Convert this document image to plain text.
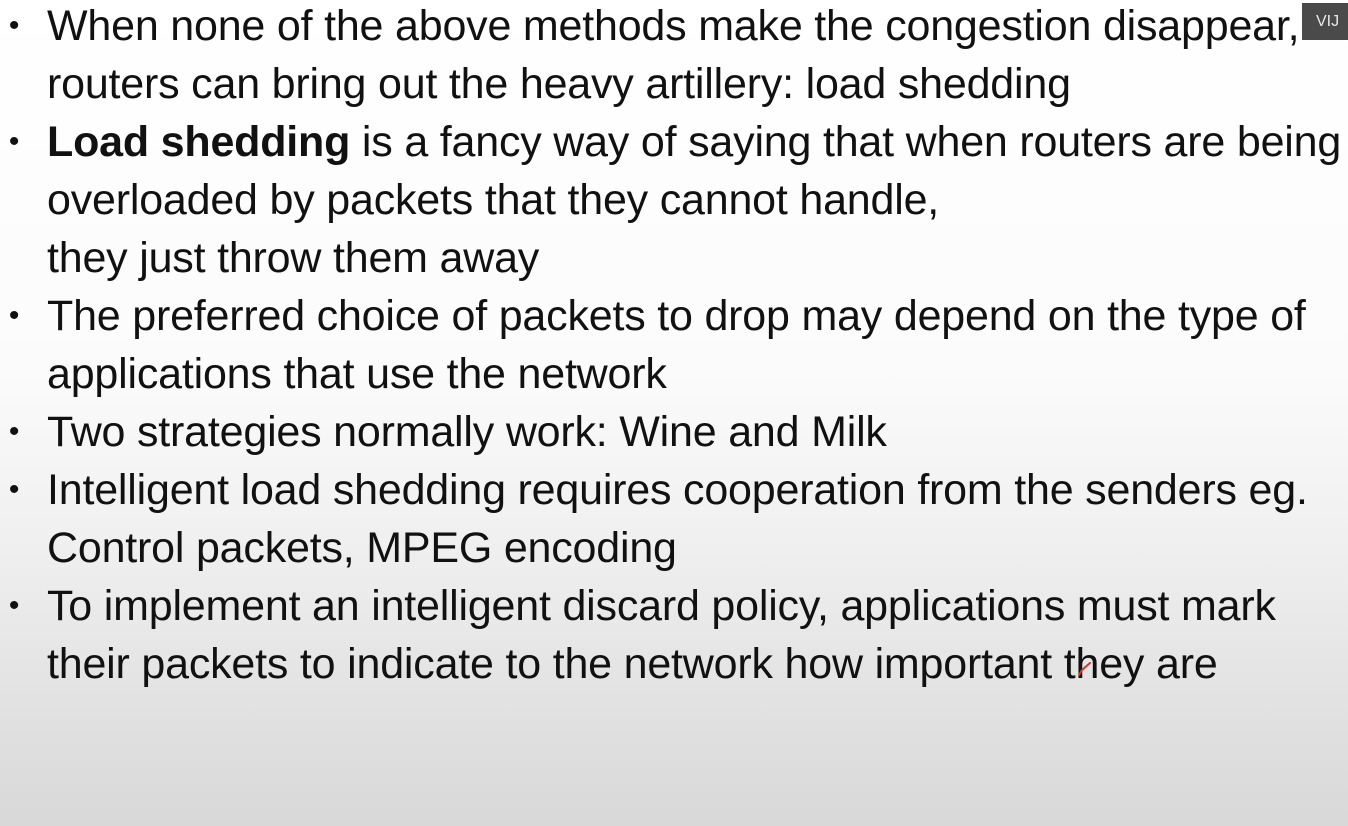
• When none of the above methods make the congestion disappear, routers can bring out the heavy artillery: load shedding
• Load shedding is a fancy way of saying that when routers are being overloaded by packets that they cannot handle,
they just throw them away
• The preferred choice of packets to drop may depend on the type of applications that use the network
• Two strategies normally work: Wine and Milk
• Intelligent load shedding requires cooperation from the senders eg. Control packets, MPEG encoding
• To implement an intelligent discard policy, applications must mark their packets to indicate to the network how important they are
VIJ
